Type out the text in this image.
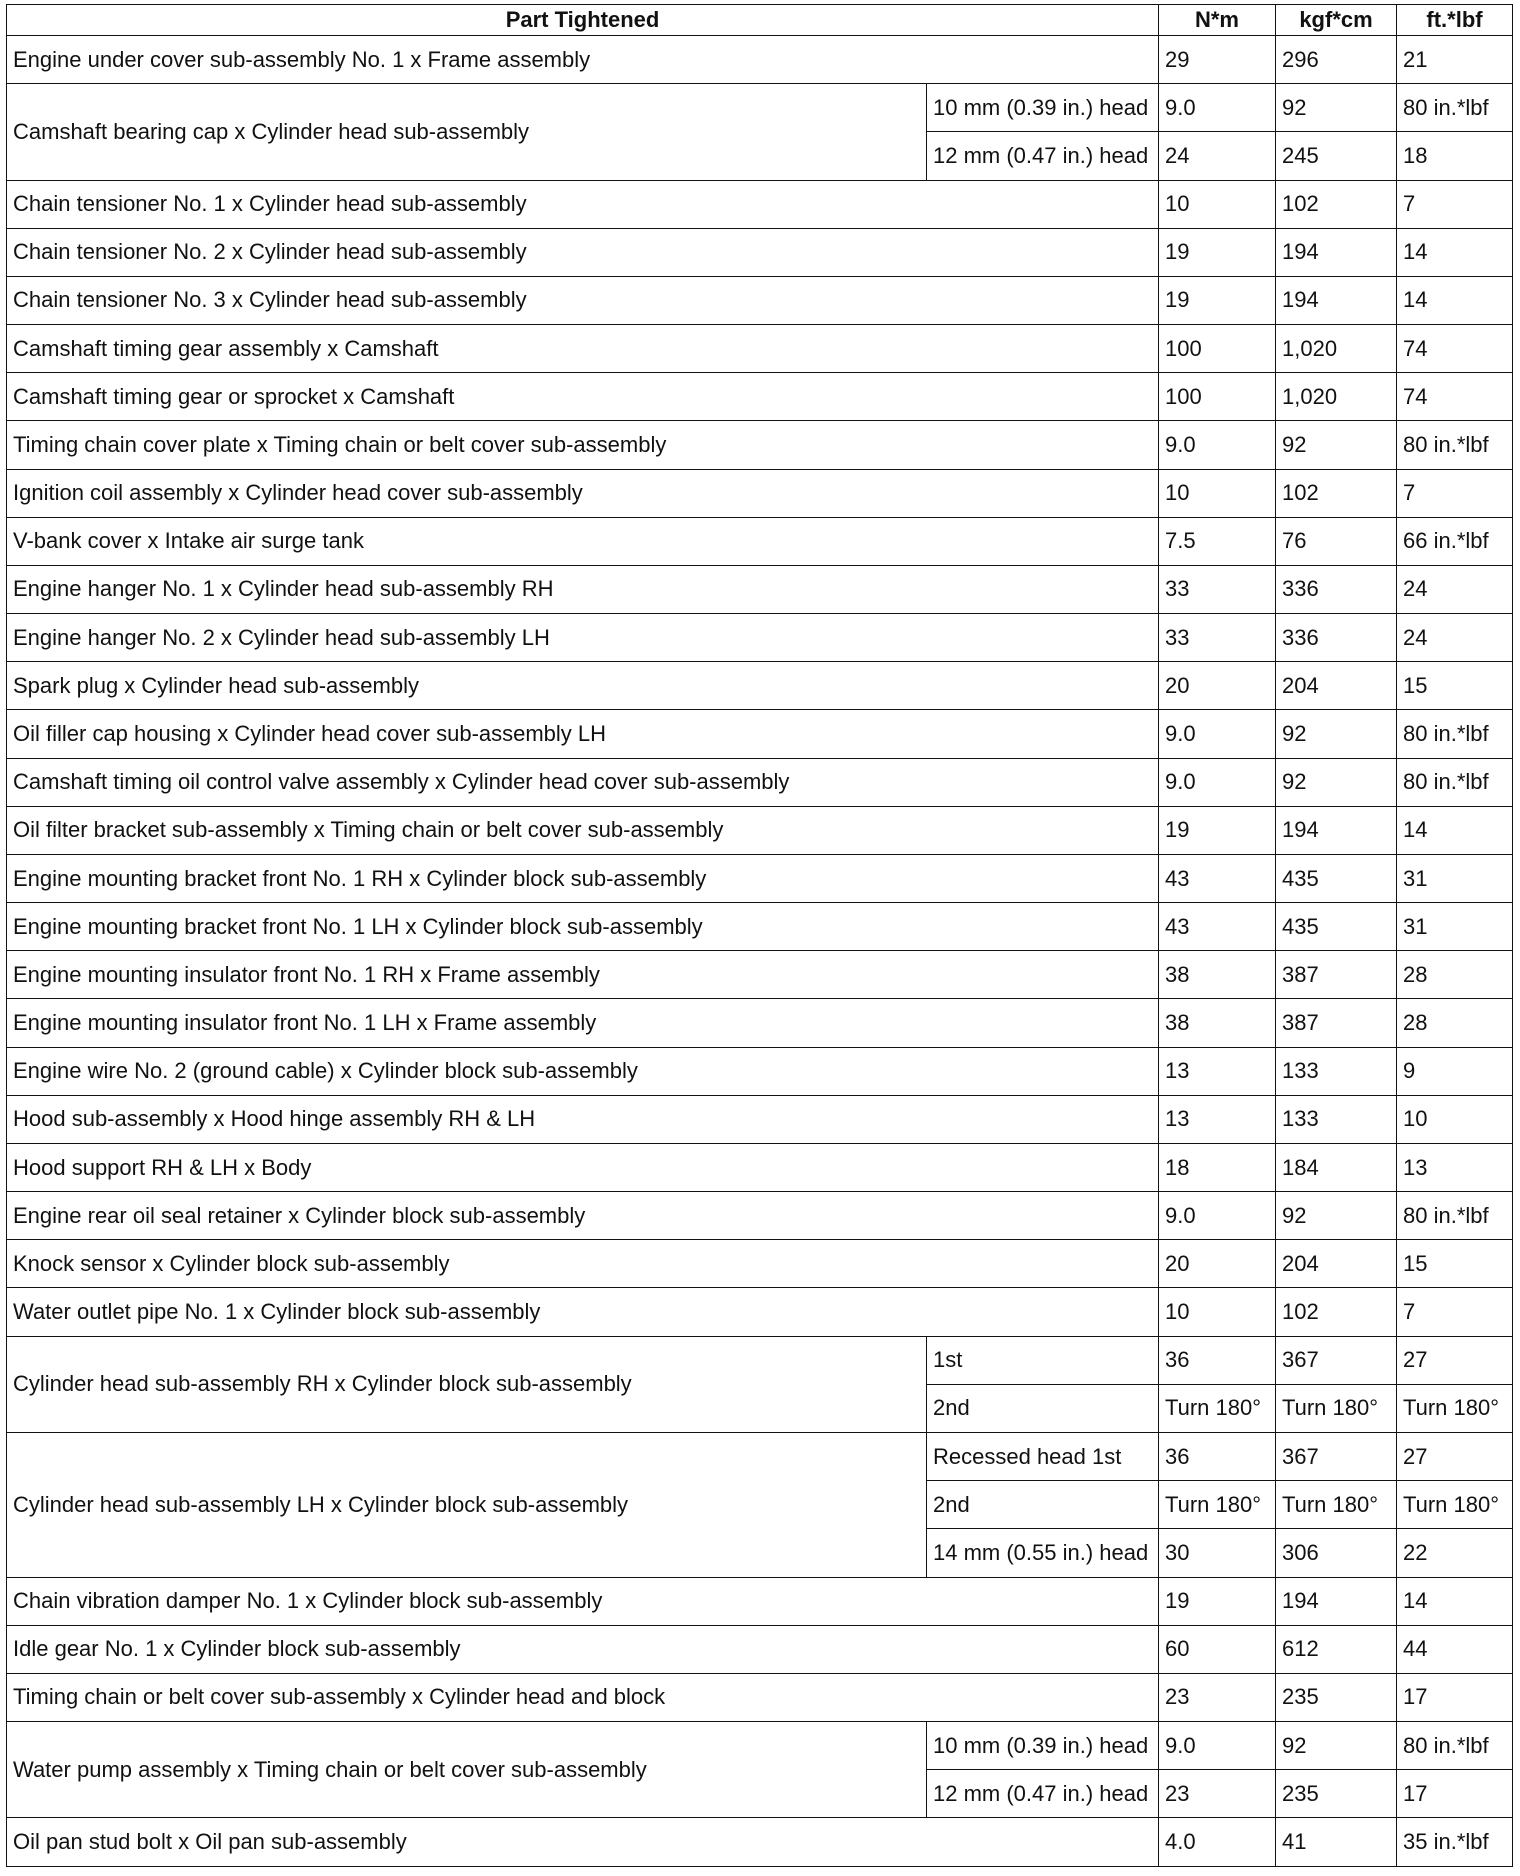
Part Tightened		N*m	kgf*cm	ft.*lbf
Engine under cover sub-assembly No. 1 x Frame assembly		29	296	21
Camshaft bearing cap x Cylinder head sub-assembly	10 mm (0.39 in.) head	9.0	92	80 in.*lbf
	12 mm (0.47 in.) head	24	245	18
Chain tensioner No. 1 x Cylinder head sub-assembly		10	102	7
Chain tensioner No. 2 x Cylinder head sub-assembly		19	194	14
Chain tensioner No. 3 x Cylinder head sub-assembly		19	194	14
Camshaft timing gear assembly x Camshaft		100	1,020	74
Camshaft timing gear or sprocket x Camshaft		100	1,020	74
Timing chain cover plate x Timing chain or belt cover sub-assembly		9.0	92	80 in.*lbf
Ignition coil assembly x Cylinder head cover sub-assembly		10	102	7
V-bank cover x Intake air surge tank		7.5	76	66 in.*lbf
Engine hanger No. 1 x Cylinder head sub-assembly RH		33	336	24
Engine hanger No. 2 x Cylinder head sub-assembly LH		33	336	24
Spark plug x Cylinder head sub-assembly		20	204	15
Oil filler cap housing x Cylinder head cover sub-assembly LH		9.0	92	80 in.*lbf
Camshaft timing oil control valve assembly x Cylinder head cover sub-assembly		9.0	92	80 in.*lbf
Oil filter bracket sub-assembly x Timing chain or belt cover sub-assembly		19	194	14
Engine mounting bracket front No. 1 RH x Cylinder block sub-assembly		43	435	31
Engine mounting bracket front No. 1 LH x Cylinder block sub-assembly		43	435	31
Engine mounting insulator front No. 1 RH x Frame assembly		38	387	28
Engine mounting insulator front No. 1 LH x Frame assembly		38	387	28
Engine wire No. 2 (ground cable) x Cylinder block sub-assembly		13	133	9
Hood sub-assembly x Hood hinge assembly RH & LH		13	133	10
Hood support RH & LH x Body		18	184	13
Engine rear oil seal retainer x Cylinder block sub-assembly		9.0	92	80 in.*lbf
Knock sensor x Cylinder block sub-assembly		20	204	15
Water outlet pipe No. 1 x Cylinder block sub-assembly		10	102	7
Cylinder head sub-assembly RH x Cylinder block sub-assembly	1st	36	367	27
	2nd	Turn 180°	Turn 180°	Turn 180°
Cylinder head sub-assembly LH x Cylinder block sub-assembly	Recessed head 1st	36	367	27
	2nd	Turn 180°	Turn 180°	Turn 180°
	14 mm (0.55 in.) head	30	306	22
Chain vibration damper No. 1 x Cylinder block sub-assembly		19	194	14
Idle gear No. 1 x Cylinder block sub-assembly		60	612	44
Timing chain or belt cover sub-assembly x Cylinder head and block		23	235	17
Water pump assembly x Timing chain or belt cover sub-assembly	10 mm (0.39 in.) head	9.0	92	80 in.*lbf
	12 mm (0.47 in.) head	23	235	17
Oil pan stud bolt x Oil pan sub-assembly		4.0	41	35 in.*lbf
